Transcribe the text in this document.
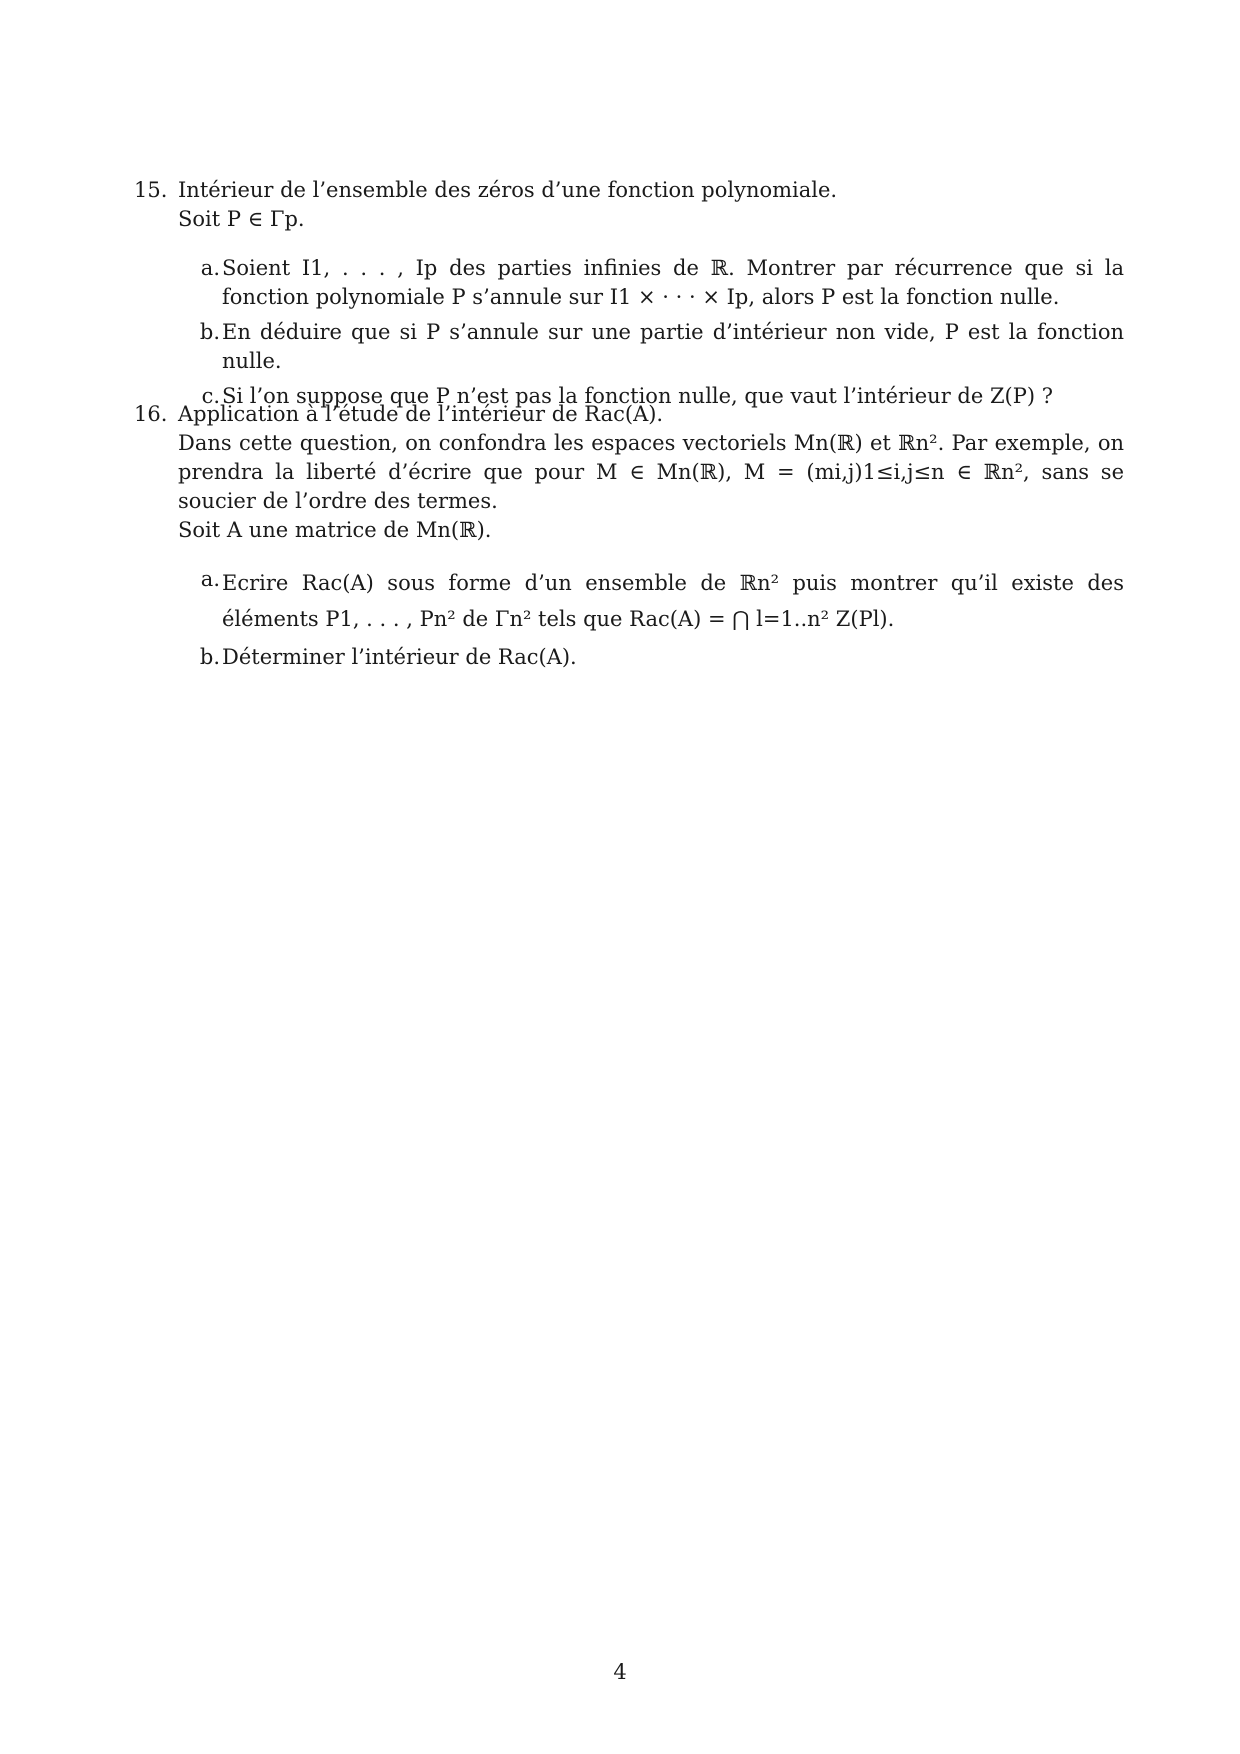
15. Intérieur de l’ensemble des zéros d’une fonction polynomiale.
Soit P ∈ Γp.
a. Soient I1, . . . , Ip des parties infinies de ℝ. Montrer par récurrence que si la fonction polynomiale P s’annule sur I1 × · · · × Ip, alors P est la fonction nulle.
b. En déduire que si P s’annule sur une partie d’intérieur non vide, P est la fonction nulle.
c. Si l’on suppose que P n’est pas la fonction nulle, que vaut l’intérieur de Z(P) ?
16. Application à l’étude de l’intérieur de Rac(A).
Dans cette question, on confondra les espaces vectoriels Mn(ℝ) et ℝn². Par exemple, on prendra la liberté d’écrire que pour M ∈ Mn(ℝ), M = (mi,j)1≤i,j≤n ∈ ℝn², sans se soucier de l’ordre des termes.
Soit A une matrice de Mn(ℝ).
a. Ecrire Rac(A) sous forme d’un ensemble de ℝn² puis montrer qu’il existe des éléments P1, . . . , Pn² de Γn² tels que Rac(A) = ⋂ l=1..n² Z(Pl).
b. Déterminer l’intérieur de Rac(A).
4
